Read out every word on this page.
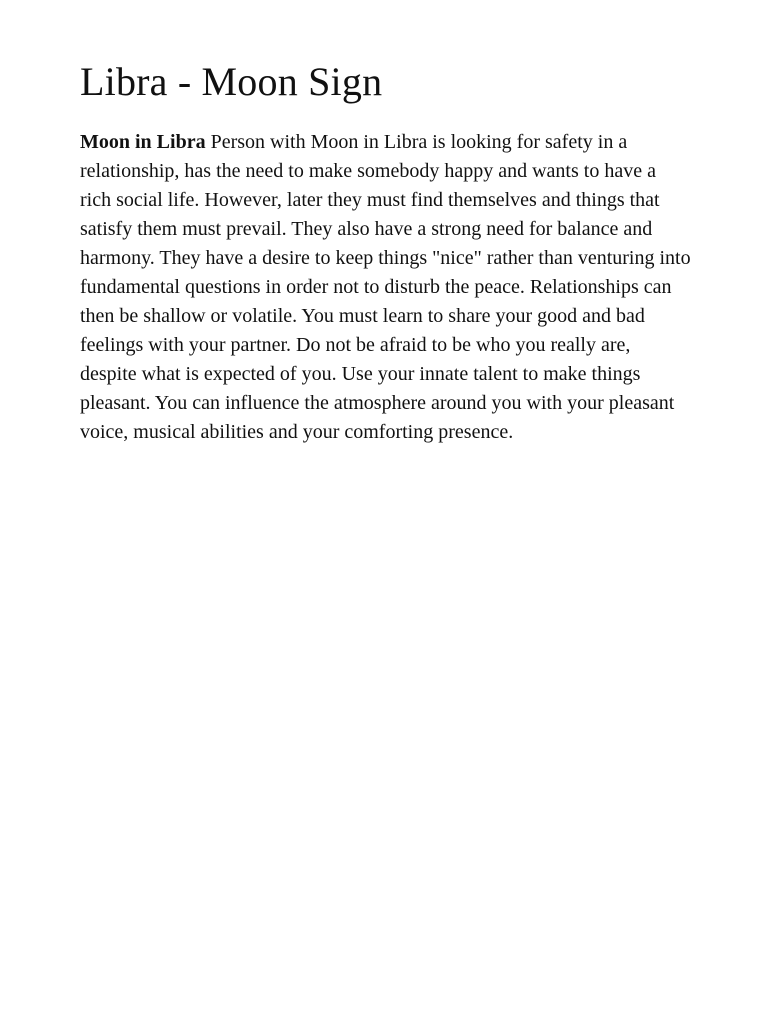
Libra - Moon Sign

Moon in Libra Person with Moon in Libra is looking for safety in a relationship, has the need to make somebody happy and wants to have a rich social life. However, later they must find themselves and things that satisfy them must prevail. They also have a strong need for balance and harmony. They have a desire to keep things "nice" rather than venturing into fundamental questions in order not to disturb the peace. Relationships can then be shallow or volatile. You must learn to share your good and bad feelings with your partner. Do not be afraid to be who you really are, despite what is expected of you. Use your innate talent to make things pleasant. You can influence the atmosphere around you with your pleasant voice, musical abilities and your comforting presence.
